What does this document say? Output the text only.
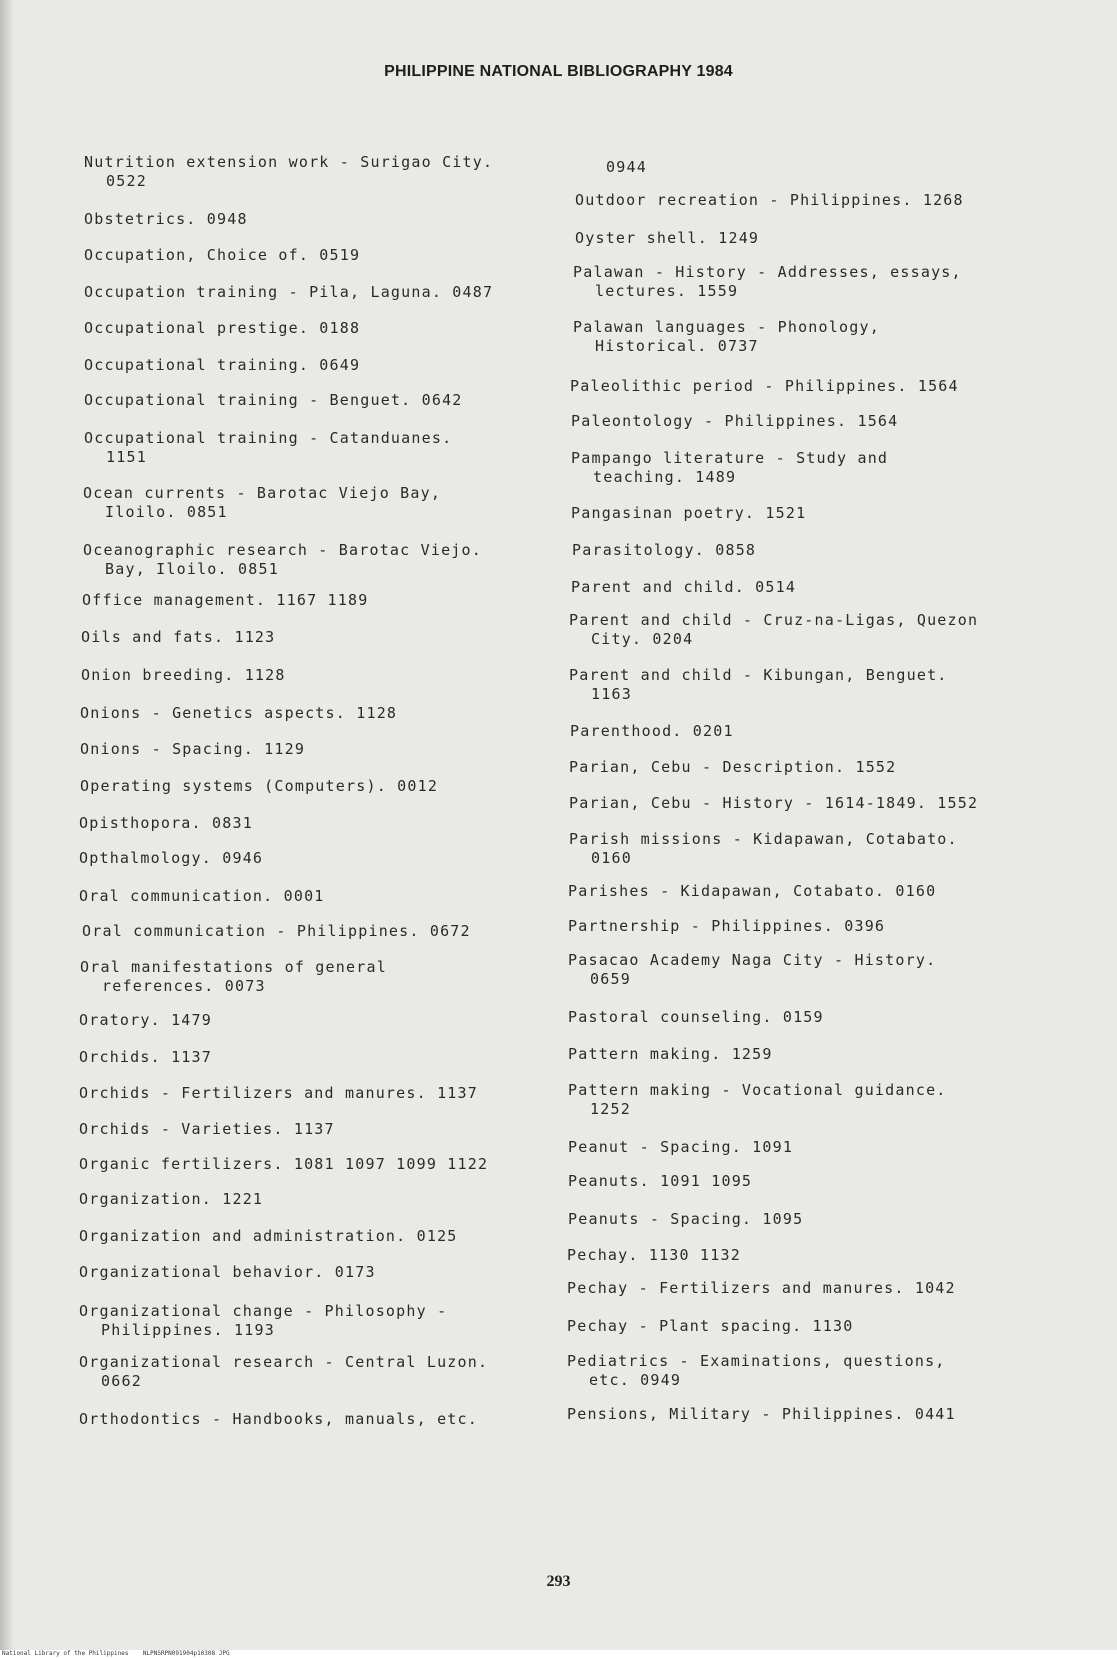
PHILIPPINE NATIONAL BIBLIOGRAPHY 1984
Nutrition extension work - Surigao City.
0522
Obstetrics. 0948
Occupation, Choice of. 0519
Occupation training - Pila, Laguna. 0487
Occupational prestige. 0188
Occupational training. 0649
Occupational training - Benguet. 0642
Occupational training - Catanduanes.
1151
Ocean currents - Barotac Viejo Bay,
Iloilo. 0851
Oceanographic research - Barotac Viejo.
Bay, Iloilo. 0851
Office management. 1167 1189
Oils and fats. 1123
Onion breeding. 1128
Onions - Genetics aspects. 1128
Onions - Spacing. 1129
Operating systems (Computers). 0012
Opisthopora. 0831
Opthalmology. 0946
Oral communication. 0001
Oral communication - Philippines. 0672
Oral manifestations of general
references. 0073
Oratory. 1479
Orchids. 1137
Orchids - Fertilizers and manures. 1137
Orchids - Varieties. 1137
Organic fertilizers. 1081 1097 1099 1122
Organization. 1221
Organization and administration. 0125
Organizational behavior. 0173
Organizational change - Philosophy -
Philippines. 1193
Organizational research - Central Luzon.
0662
Orthodontics - Handbooks, manuals, etc.
0944
Outdoor recreation - Philippines. 1268
Oyster shell. 1249
Palawan - History - Addresses, essays,
lectures. 1559
Palawan languages - Phonology,
Historical. 0737
Paleolithic period - Philippines. 1564
Paleontology - Philippines. 1564
Pampango literature - Study and
teaching. 1489
Pangasinan poetry. 1521
Parasitology. 0858
Parent and child. 0514
Parent and child - Cruz-na-Ligas, Quezon
City. 0204
Parent and child - Kibungan, Benguet.
1163
Parenthood. 0201
Parian, Cebu - Description. 1552
Parian, Cebu - History - 1614-1849. 1552
Parish missions - Kidapawan, Cotabato.
0160
Parishes - Kidapawan, Cotabato. 0160
Partnership - Philippines. 0396
Pasacao Academy Naga City - History.
0659
Pastoral counseling. 0159
Pattern making. 1259
Pattern making - Vocational guidance.
1252
Peanut - Spacing. 1091
Peanuts. 1091 1095
Peanuts - Spacing. 1095
Pechay. 1130 1132
Pechay - Fertilizers and manures. 1042
Pechay - Plant spacing. 1130
Pediatrics - Examinations, questions,
etc. 0949
Pensions, Military - Philippines. 0441
293
National Library of the Philippines    NLPNSRPN091904p10308 JPG
